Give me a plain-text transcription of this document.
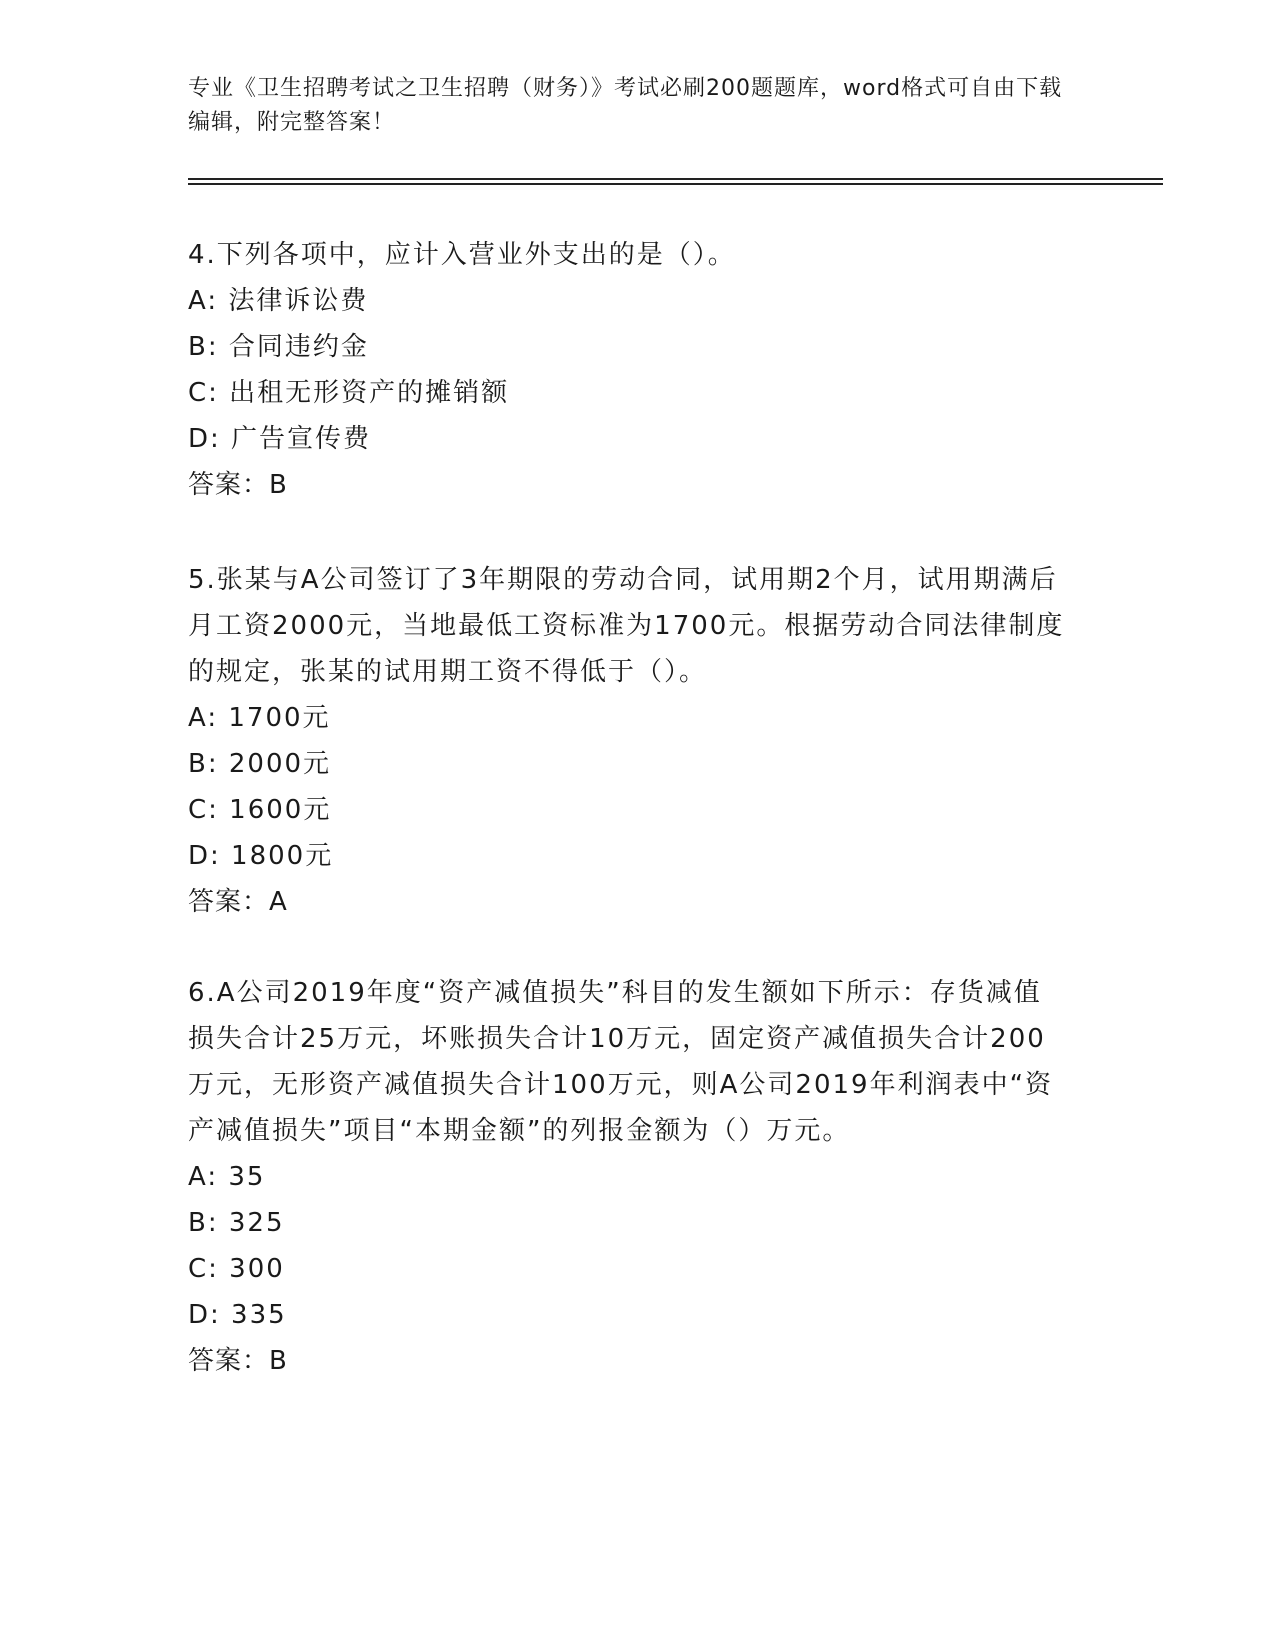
专业《卫生招聘考试之卫生招聘（财务）》考试必刷200题题库，word格式可自由下载编辑，附完整答案！

4.下列各项中，应计入营业外支出的是（）。

A: 法律诉讼费

B: 合同违约金

C: 出租无形资产的摊销额

D: 广告宣传费

答案：B

5.张某与A公司签订了3年期限的劳动合同，试用期2个月，试用期满后月工资2000元，当地最低工资标准为1700元。根据劳动合同法律制度的规定，张某的试用期工资不得低于（）。

A: 1700元

B: 2000元

C: 1600元

D: 1800元

答案：A

6.A公司2019年度“资产减值损失”科目的发生额如下所示：存货减值损失合计25万元，坏账损失合计10万元，固定资产减值损失合计200万元，无形资产减值损失合计100万元，则A公司2019年利润表中“资产减值损失”项目“本期金额”的列报金额为（）万元。

A: 35

B: 325

C: 300

D: 335

答案：B
